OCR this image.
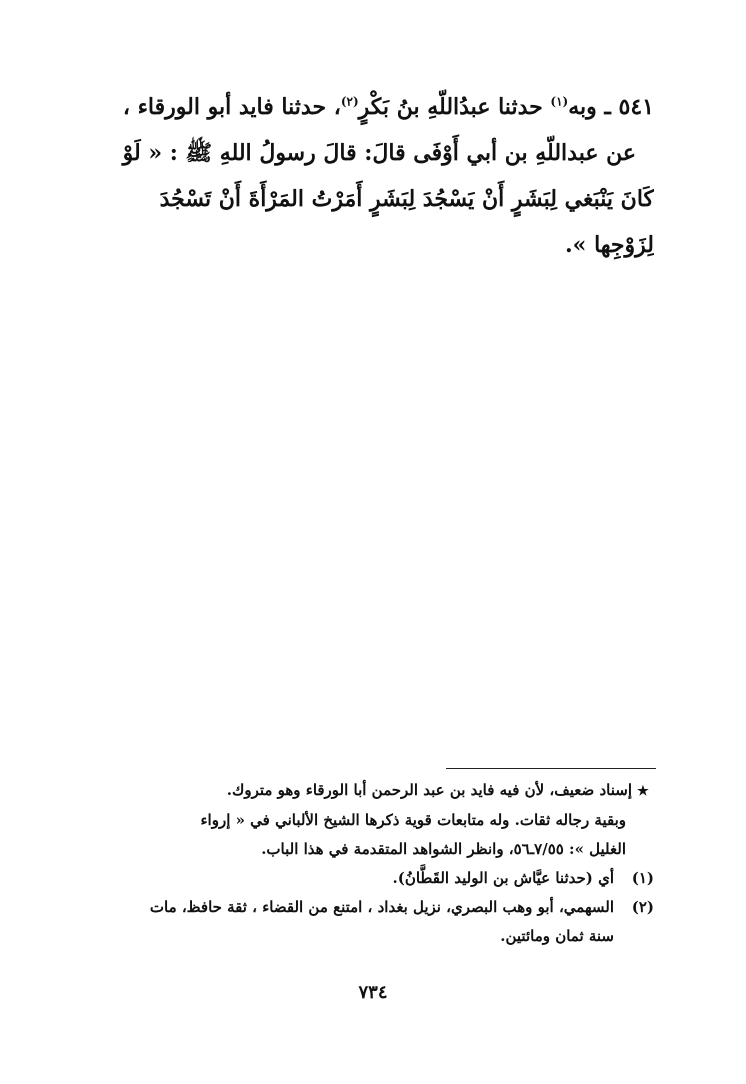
٥٤١ ـ وبه$^{(١)}$ حدثنا عبدُاللّهِ بنُ بَكْرٍ$^{(٢)}$، حدثنا فايد أبو الورقاء ،
عن عبداللّهِ بن أبي أَوْفَى قالَ: قالَ رسولُ اللهِ ﷺ : « لَوْ
كَانَ يَنْبَغي لِبَشَرٍ أَنْ يَسْجُدَ لِبَشَرٍ أَمَرْتُ المَرْأَةَ أَنْ تَسْجُدَ
لِزَوْجِها ».
★إسناد ضعيف، لأن فيه فايد بن عبد الرحمن أبا الورقاء وهو متروك.
وبقية رجاله ثقات. وله متابعات قوية ذكرها الشيخ الألباني في « إرواء
الغليل »: ٧/٥٥ـ٥٦، وانظر الشواهد المتقدمة في هذا الباب.
(١)أي (حدثنا عيَّاش بن الوليد القَطَّانُ).
(٢)السهمي، أبو وهب البصري، نزيل بغداد ، امتنع من القضاء ، ثقة حافظ، مات
سنة ثمان ومائتين.
٧٣٤
